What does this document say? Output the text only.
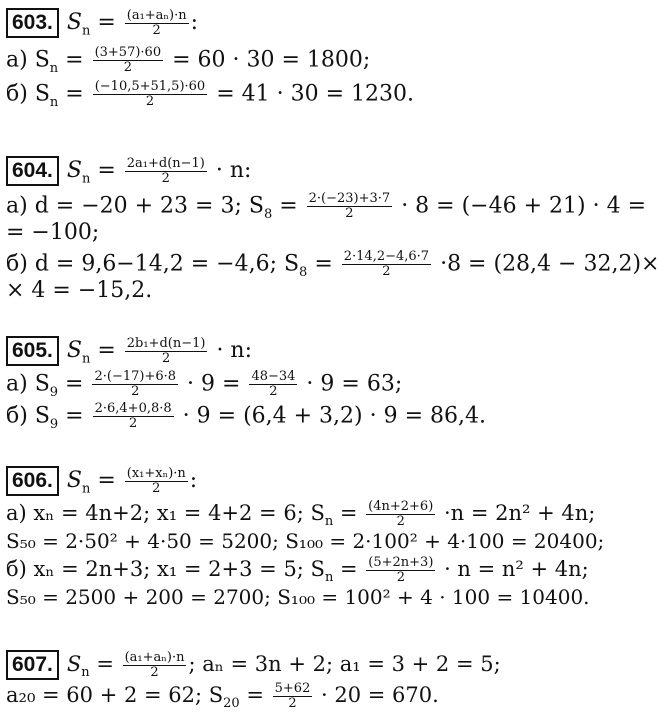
603. $S_n = \frac{\text{(a₁+aₙ)·n}}{2}$ :
а) $S_n = \frac{(3+57)\cdot 60}{2} = 60 \cdot 30 = 1800$;
б) $S_n = \frac{(-10,5+51,5)\cdot 60}{2} = 41 \cdot 30 = 1230$.
604. $S_n = \frac{\text{2a₁+d(n−1)}}{2} \cdot n$:
а) d = −20 + 23 = 3; $S_8 = \frac{2\cdot(-23)+3\cdot 7}{2} \cdot 8 = (-46 + 21) \cdot 4$ =
= −100;
б) d = 9,6−14,2 = −4,6; $S_8 = \frac{2\cdot 14,2-4,6\cdot 7}{2} \cdot 8 = (28,4 - 32,2)\times$
× 4 = −15,2.
605. $S_n = \frac{\text{2b₁+d(n−1)}}{2} \cdot n$:
а) $S_9 = \frac{2\cdot(-17)+6\cdot 8}{2} \cdot 9 = \frac{48-34}{2} \cdot 9 = 63$;
б) $S_9 = \frac{2\cdot 6,4+0,8\cdot 8}{2} \cdot 9 = (6,4 + 3,2) \cdot 9 = 86,4$.
606. $S_n = \frac{\text{(x₁+xₙ)·n}}{2}$ :
а) xₙ = 4n+2; x₁ = 4+2 = 6; $S_n = \frac{(4n+2+6)}{2} \cdot n = 2n^2 + 4n$;
S₅₀ = 2·50² + 4·50 = 5200; S₁₀₀ = 2·100² + 4·100 = 20400;
б) xₙ = 2n+3; x₁ = 2+3 = 5; $S_n = \frac{(5+2n+3)}{2} \cdot n = n^2 + 4n$;
S₅₀ = 2500 + 200 = 2700; S₁₀₀ = 100² + 4 · 100 = 10400.
607. $S_n = \frac{\text{(a₁+aₙ)·n}}{2}$ ; aₙ = 3n + 2; a₁ = 3 + 2 = 5;
a₂₀ = 60 + 2 = 62; $S_{20} = \frac{5+62}{2} \cdot 20 = 670$.
